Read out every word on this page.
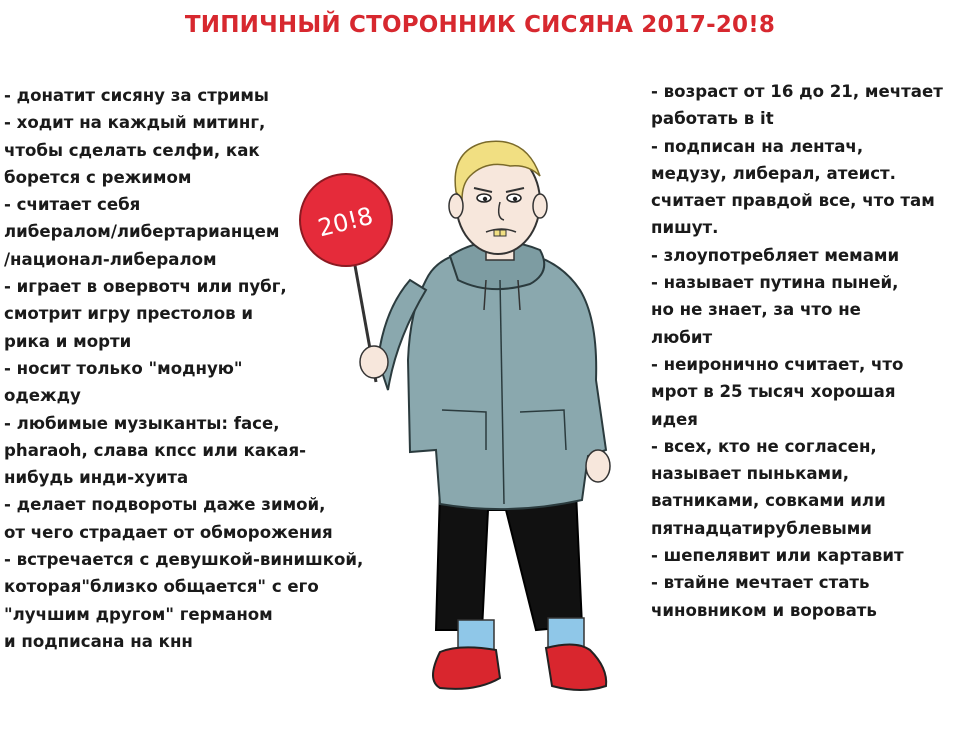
ТИПИЧНЫЙ СТОРОННИК СИСЯНА 2017-20!8
- донатит сисяну за стримы
- ходит на каждый митинг,
чтобы сделать селфи, как
борется с режимом
- считает себя
либералом/либертарианцем
/национал-либералом
- играет в овервотч или пубг,
смотрит игру престолов и
рика и морти
- носит только "модную"
одежду
- любимые музыканты: face,
pharaoh, слава кпсс или какая-
нибудь инди-хуита
- делает подвороты даже зимой,
от чего страдает от обморожения
- встречается с девушкой-винишкой,
которая"близко общается" с его
"лучшим другом" германом
и подписана на кнн
- возраст от 16 до 21, мечтает
работать в it
- подписан на лентач,
медузу, либерал, атеист.
считает правдой все, что там
пишут.
- злоупотребляет мемами
- называет путина пыней,
но не знает, за что не
любит
- неироничнo считает, что
мрот в 25 тысяч хорошая
идея
- всех, кто не согласен,
называет пыньками,
ватниками, совками или
пятнадцатирублевыми
- шепелявит или картавит
- втайне мечтает стать
чиновником и воровать
20!8
